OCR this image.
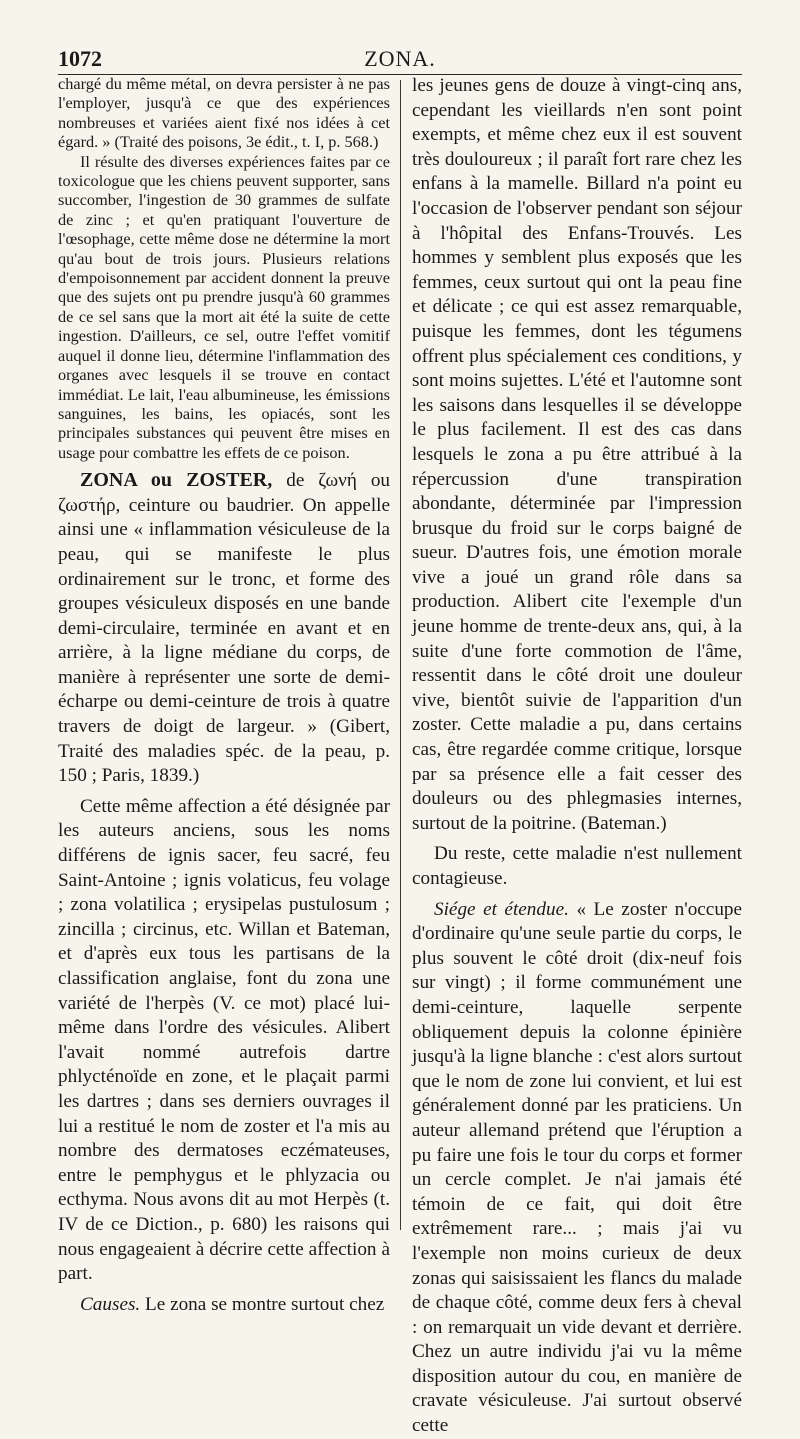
1072	ZONA.

chargé du même métal, on devra persister à ne pas l'employer, jusqu'à ce que des expériences nombreuses et variées aient fixé nos idées à cet égard. » (Traité des poisons, 3e édit., t. I, p. 568.)

Il résulte des diverses expériences faites par ce toxicologue que les chiens peuvent supporter, sans succomber, l'ingestion de 30 grammes de sulfate de zinc ; et qu'en pratiquant l'ouverture de l'œsophage, cette même dose ne détermine la mort qu'au bout de trois jours. Plusieurs relations d'empoisonnement par accident donnent la preuve que des sujets ont pu prendre jusqu'à 60 grammes de ce sel sans que la mort ait été la suite de cette ingestion. D'ailleurs, ce sel, outre l'effet vomitif auquel il donne lieu, détermine l'inflammation des organes avec lesquels il se trouve en contact immédiat. Le lait, l'eau albumineuse, les émissions sanguines, les bains, les opiacés, sont les principales substances qui peuvent être mises en usage pour combattre les effets de ce poison.

ZONA ou ZOSTER, de ζωνή ou ζωστήρ, ceinture ou baudrier. On appelle ainsi une « inflammation vésiculeuse de la peau, qui se manifeste le plus ordinairement sur le tronc, et forme des groupes vésiculeux disposés en une bande demi-circulaire, terminée en avant et en arrière, à la ligne médiane du corps, de manière à représenter une sorte de demi-écharpe ou demi-ceinture de trois à quatre travers de doigt de largeur. » (Gibert, Traité des maladies spéc. de la peau, p. 150 ; Paris, 1839.)

Cette même affection a été désignée par les auteurs anciens, sous les noms différens de ignis sacer, feu sacré, feu Saint-Antoine ; ignis volaticus, feu volage ; zona volatilica ; erysipelas pustulosum ; zincilla ; circinus, etc. Willan et Bateman, et d'après eux tous les partisans de la classification anglaise, font du zona une variété de l'herpès (V. ce mot) placé lui-même dans l'ordre des vésicules. Alibert l'avait nommé autrefois dartre phlycténoïde en zone, et le plaçait parmi les dartres ; dans ses derniers ouvrages il lui a restitué le nom de zoster et l'a mis au nombre des dermatoses eczémateuses, entre le pemphygus et le phlyzacia ou ecthyma. Nous avons dit au mot Herpès (t. IV de ce Diction., p. 680) les raisons qui nous engageaient à décrire cette affection à part.

Causes. Le zona se montre surtout chez

les jeunes gens de douze à vingt-cinq ans, cependant les vieillards n'en sont point exempts, et même chez eux il est souvent très douloureux ; il paraît fort rare chez les enfans à la mamelle. Billard n'a point eu l'occasion de l'observer pendant son séjour à l'hôpital des Enfans-Trouvés. Les hommes y semblent plus exposés que les femmes, ceux surtout qui ont la peau fine et délicate ; ce qui est assez remarquable, puisque les femmes, dont les tégumens offrent plus spécialement ces conditions, y sont moins sujettes. L'été et l'automne sont les saisons dans lesquelles il se développe le plus facilement. Il est des cas dans lesquels le zona a pu être attribué à la répercussion d'une transpiration abondante, déterminée par l'impression brusque du froid sur le corps baigné de sueur. D'autres fois, une émotion morale vive a joué un grand rôle dans sa production. Alibert cite l'exemple d'un jeune homme de trente-deux ans, qui, à la suite d'une forte commotion de l'âme, ressentit dans le côté droit une douleur vive, bientôt suivie de l'apparition d'un zoster. Cette maladie a pu, dans certains cas, être regardée comme critique, lorsque par sa présence elle a fait cesser des douleurs ou des phlegmasies internes, surtout de la poitrine. (Bateman.)

Du reste, cette maladie n'est nullement contagieuse.

Siége et étendue. « Le zoster n'occupe d'ordinaire qu'une seule partie du corps, le plus souvent le côté droit (dix-neuf fois sur vingt) ; il forme communément une demi-ceinture, laquelle serpente obliquement depuis la colonne épinière jusqu'à la ligne blanche : c'est alors surtout que le nom de zone lui convient, et lui est généralement donné par les praticiens. Un auteur allemand prétend que l'éruption a pu faire une fois le tour du corps et former un cercle complet. Je n'ai jamais été témoin de ce fait, qui doit être extrêmement rare... ; mais j'ai vu l'exemple non moins curieux de deux zonas qui saisissaient les flancs du malade de chaque côté, comme deux fers à cheval : on remarquait un vide devant et derrière. Chez un autre individu j'ai vu la même disposition autour du cou, en manière de cravate vésiculeuse. J'ai surtout observé cette
